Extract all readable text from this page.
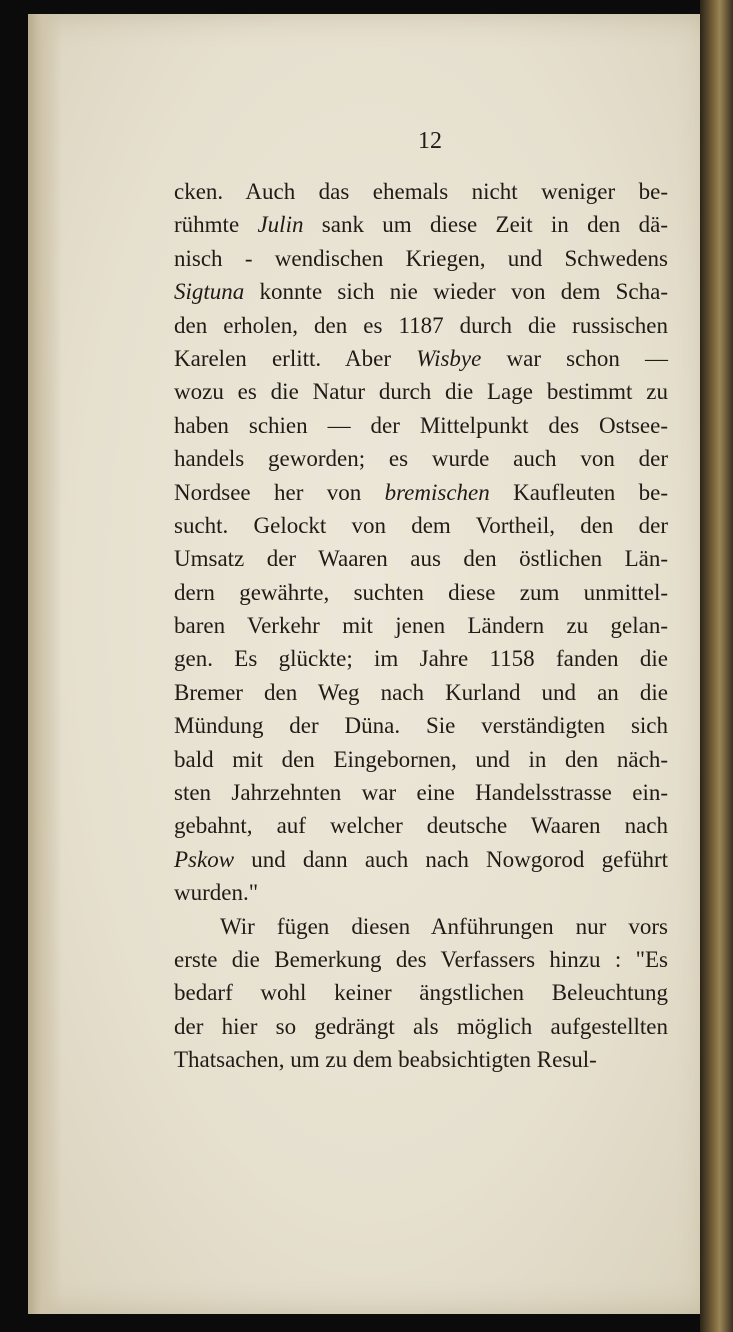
12
cken. Auch das ehemals nicht weniger be-
rühmte Julin sank um diese Zeit in den dä-
nisch - wendischen Kriegen, und Schwedens
Sigtuna konnte sich nie wieder von dem Scha-
den erholen, den es 1187 durch die russischen
Karelen erlitt. Aber Wisbye war schon —
wozu es die Natur durch die Lage bestimmt zu
haben schien — der Mittelpunkt des Ostsee-
handels geworden; es wurde auch von der
Nordsee her von bremischen Kaufleuten be-
sucht. Gelockt von dem Vortheil, den der
Umsatz der Waaren aus den östlichen Län-
dern gewährte, suchten diese zum unmittel-
baren Verkehr mit jenen Ländern zu gelan-
gen. Es glückte; im Jahre 1158 fanden die
Bremer den Weg nach Kurland und an die
Mündung der Düna. Sie verständigten sich
bald mit den Eingebornen, und in den näch-
sten Jahrzehnten war eine Handelsstrasse ein-
gebahnt, auf welcher deutsche Waaren nach
Pskow und dann auch nach Nowgorod geführt
wurden."
Wir fügen diesen Anführungen nur vors
erste die Bemerkung des Verfassers hinzu : "Es
bedarf wohl keiner ängstlichen Beleuchtung
der hier so gedrängt als möglich aufgestellten
Thatsachen, um zu dem beabsichtigten Resul-
